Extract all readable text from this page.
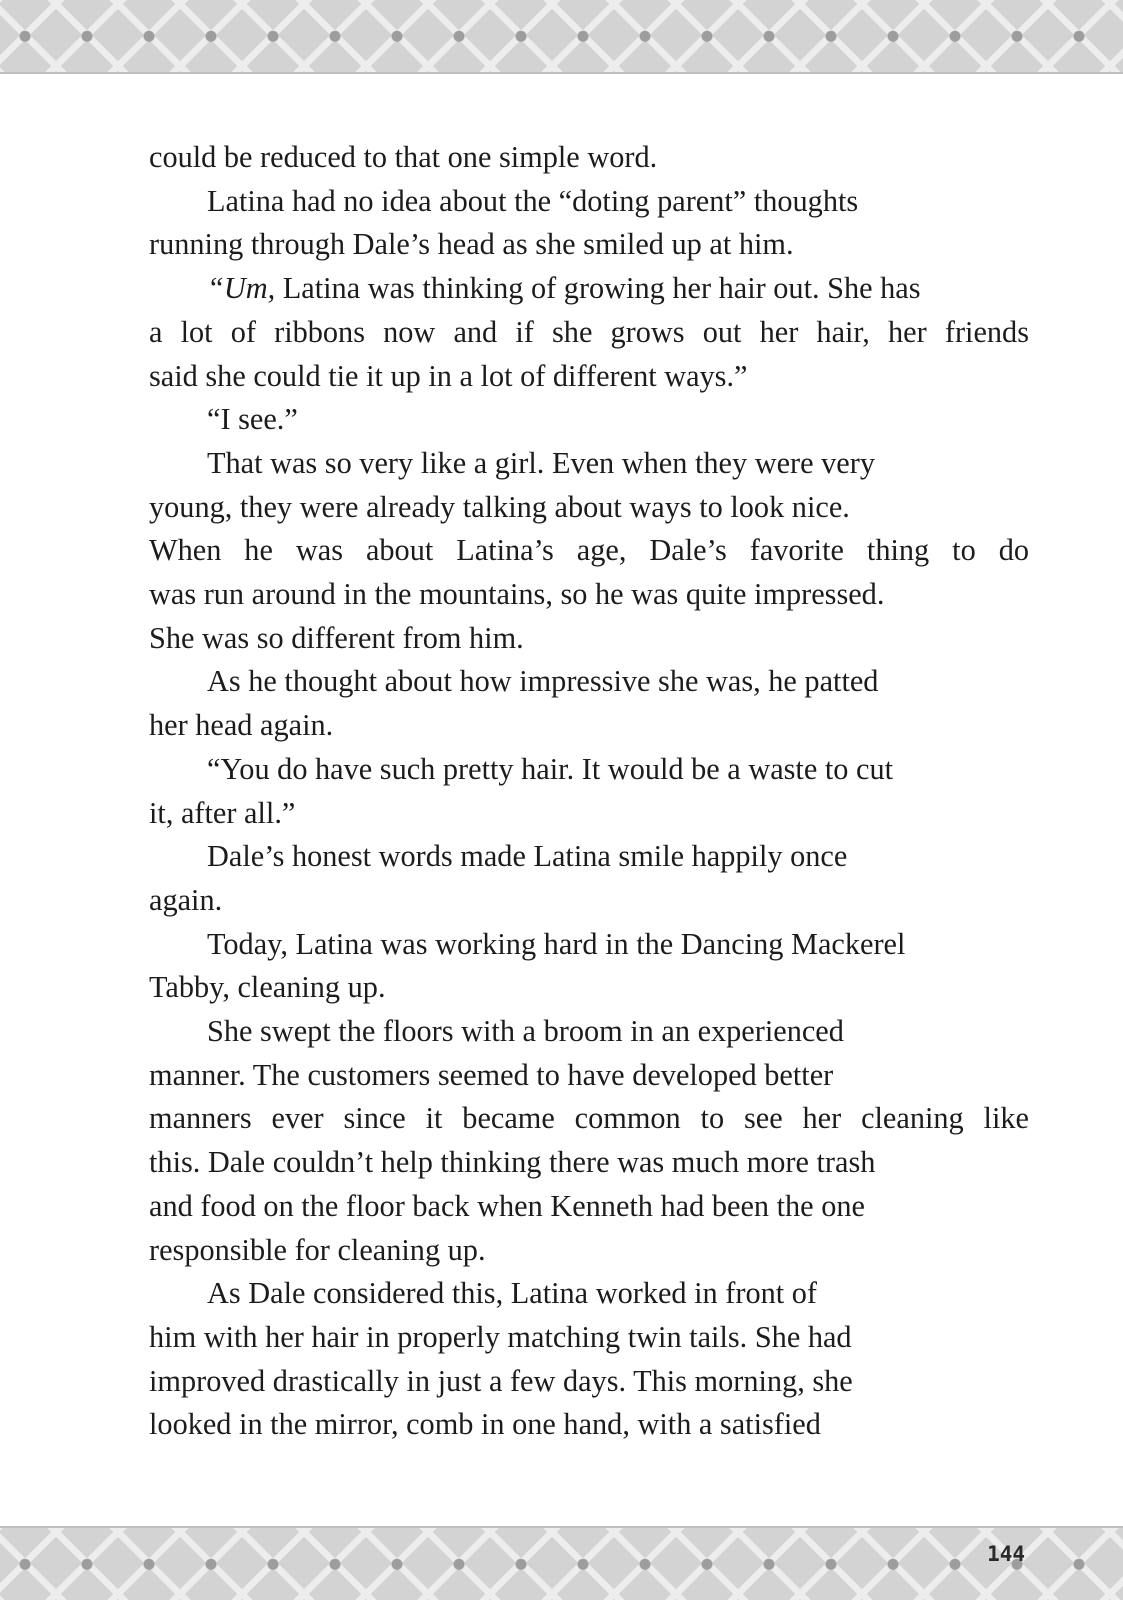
could be reduced to that one simple word.
Latina had no idea about the “doting parent” thoughts
running through Dale’s head as she smiled up at him.
“Um, Latina was thinking of growing her hair out. She has
a lot of ribbons now and if she grows out her hair, her friends
said she could tie it up in a lot of different ways.”
“I see.”
That was so very like a girl. Even when they were very
young, they were already talking about ways to look nice.
When he was about Latina’s age, Dale’s favorite thing to do
was run around in the mountains, so he was quite impressed.
She was so different from him.
As he thought about how impressive she was, he patted
her head again.
“You do have such pretty hair. It would be a waste to cut
it, after all.”
Dale’s honest words made Latina smile happily once
again.
Today, Latina was working hard in the Dancing Mackerel
Tabby, cleaning up.
She swept the floors with a broom in an experienced
manner. The customers seemed to have developed better
manners ever since it became common to see her cleaning like
this. Dale couldn’t help thinking there was much more trash
and food on the floor back when Kenneth had been the one
responsible for cleaning up.
As Dale considered this, Latina worked in front of
him with her hair in properly matching twin tails. She had
improved drastically in just a few days. This morning, she
looked in the mirror, comb in one hand, with a satisfied
144
